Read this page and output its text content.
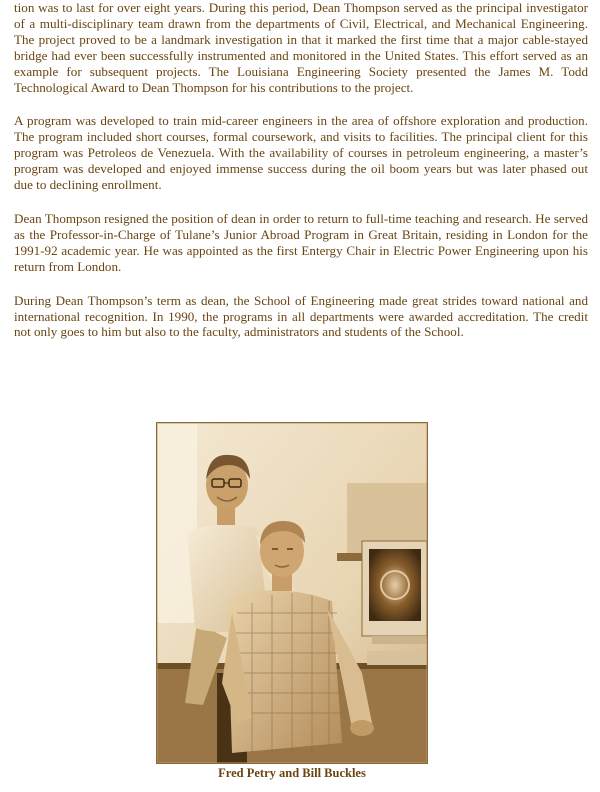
tion was to last for over eight years. During this period, Dean Thompson served as the principal investigator of a multi-disciplinary team drawn from the departments of Civil, Electrical, and Mechanical Engineering. The project proved to be a landmark investigation in that it marked the first time that a major cable-stayed bridge had ever been successfully instrumented and monitored in the United States. This effort served as an example for subsequent projects. The Louisiana Engineering Society presented the James M. Todd Technological Award to Dean Thompson for his contributions to the project.

A program was developed to train mid-career engineers in the area of offshore exploration and production. The program included short courses, formal coursework, and visits to facilities. The principal client for this program was Petroleos de Venezuela. With the availability of courses in petroleum engineering, a master’s program was developed and enjoyed immense success during the oil boom years but was later phased out due to declining enrollment.

Dean Thompson resigned the position of dean in order to return to full-time teaching and research. He served as the Professor-in-Charge of Tulane’s Junior Abroad Program in Great Britain, residing in London for the 1991-92 academic year. He was appointed as the first Entergy Chair in Electric Power Engineering upon his return from London.

During Dean Thompson’s term as dean, the School of Engineering made great strides toward national and international recognition. In 1990, the programs in all departments were awarded accreditation. The credit not only goes to him but also to the faculty, administrators and students of the School.

Fred Petry and Bill Buckles
